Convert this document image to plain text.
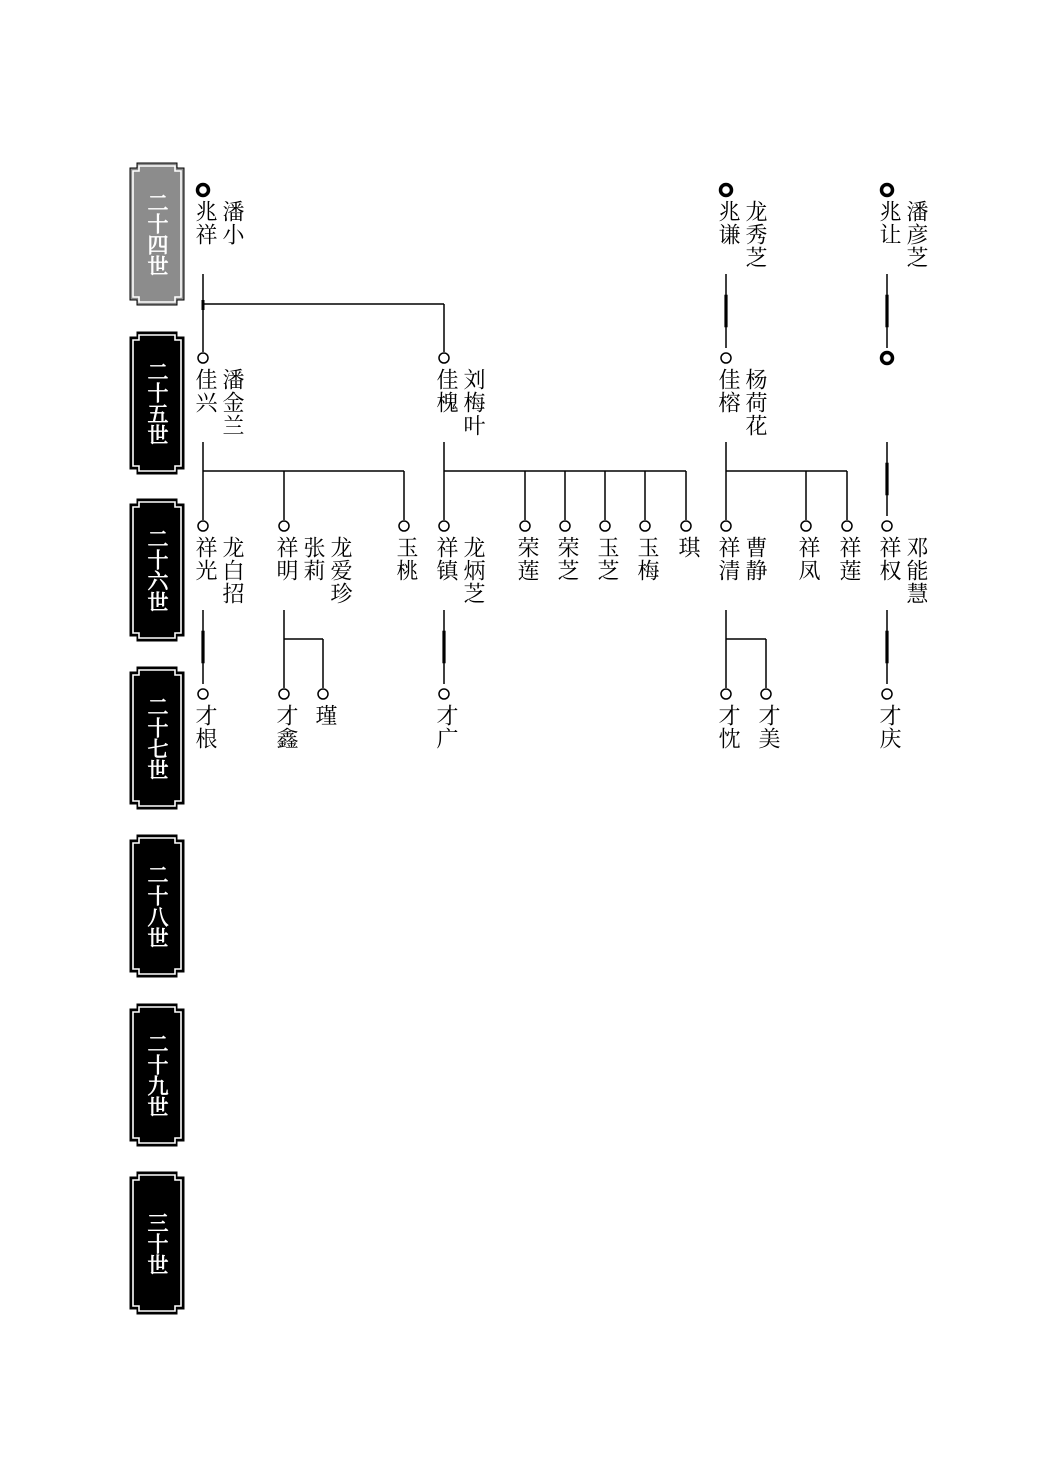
二十四世
二十五世
二十六世
二十七世
二十八世
二十九世
三十世
兆祥 潘小	兆谦 龙秀芝	兆让 潘彦芝
佳兴 潘金兰	佳槐 刘梅叶	佳榕 杨荷花
祥光 龙白招 祥明 张莉 龙爱珍 玉桃 祥镇 龙炳芝 荣莲 荣芝 玉芝 玉梅 琪 祥清 曹静 祥凤 祥莲 祥权 邓能慧
才根	才鑫 瑾	才广	才忱 才美	才庆
